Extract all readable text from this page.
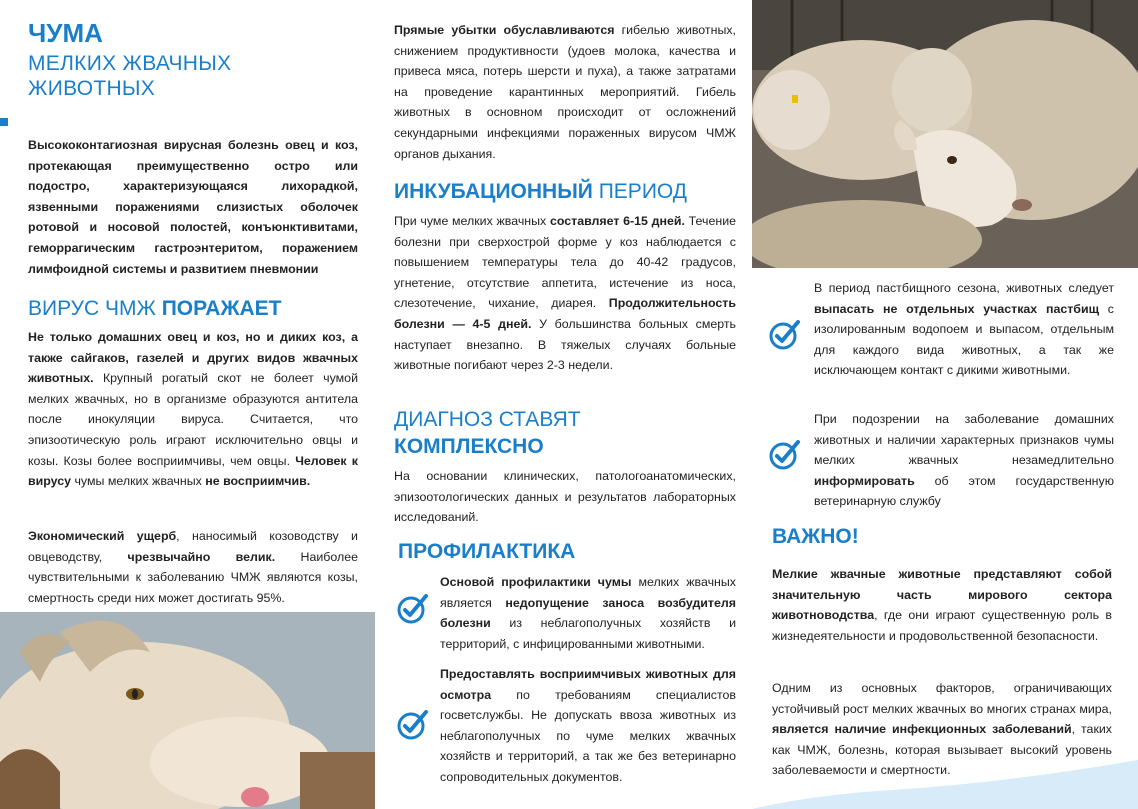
ЧУМА
МЕЛКИХ ЖВАЧНЫХ
ЖИВОТНЫХ

Высококонтагиозная вирусная болезнь овец и коз, протекающая преимущественно остро или подостро, характеризующаяся лихорадкой, язвенными поражениями слизистых оболочек ротовой и носовой полостей, конъюнктивитами, геморрагическим гастроэнтеритом, поражением лимфоидной системы и развитием пневмонии

ВИРУС ЧМЖ ПОРАЖАЕТ

Не только домашних овец и коз, но и диких коз, а также сайгаков, газелей и других видов жвачных животных. Крупный рогатый скот не болеет чумой мелких жвачных, но в организме образуются антитела после инокуляции вируса. Считается, что эпизоотическую роль играют исключительно овцы и козы. Козы более восприимчивы, чем овцы. Человек к вирусу чумы мелких жвачных не восприимчив.

Экономический ущерб, наносимый козоводству и овцеводству, чрезвычайно велик. Наиболее чувствительными к заболеванию ЧМЖ являются козы, смертность среди них может достигать 95%.

Прямые убытки обуславливаются гибелью животных, снижением продуктивности (удоев молока, качества и привеса мяса, потерь шерсти и пуха), а также затратами на проведение карантинных мероприятий. Гибель животных в основном происходит от осложнений секундарными инфекциями пораженных вирусом ЧМЖ органов дыхания.

ИНКУБАЦИОННЫЙ ПЕРИОД

При чуме мелких жвачных составляет 6-15 дней. Течение болезни при сверхострой форме у коз наблюдается с повышением температуры тела до 40-42 градусов, угнетение, отсутствие аппетита, истечение из носа, слезотечение, чихание, диарея. Продолжительность болезни — 4-5 дней. У большинства больных смерть наступает внезапно. В тяжелых случаях больные животные погибают через 2-3 недели.

ДИАГНОЗ СТАВЯТ
КОМПЛЕКСНО

На основании клинических, патологоанатомических, эпизоотологических данных и результатов лабораторных исследований.

ПРОФИЛАКТИКА

Основой профилактики чумы мелких жвачных является недопущение заноса возбудителя болезни из неблагополучных хозяйств и территорий, с инфицированными животными.

Предоставлять восприимчивых животных для осмотра по требованиям специалистов госветслужбы. Не допускать ввоза животных из неблагополучных по чуме мелких жвачных хозяйств и территорий, а так же без ветеринарно сопроводительных документов.

В период пастбищного сезона, животных следует выпасать не отдельных участках пастбищ с изолированным водопоем и выпасом, отдельным для каждого вида животных, а так же исключающем контакт с дикими животными.

При подозрении на заболевание домашних животных и наличии характерных признаков чумы мелких жвачных незамедлительно информировать об этом государственную ветеринарную службу

ВАЖНО!

Мелкие жвачные животные представляют собой значительную часть мирового сектора животноводства, где они играют существенную роль в жизнедеятельности и продовольственной безопасности.

Одним из основных факторов, ограничивающих устойчивый рост мелких жвачных во многих странах мира, является наличие инфекционных заболеваний, таких как ЧМЖ, болезнь, которая вызывает высокий уровень заболеваемости и смертности.
